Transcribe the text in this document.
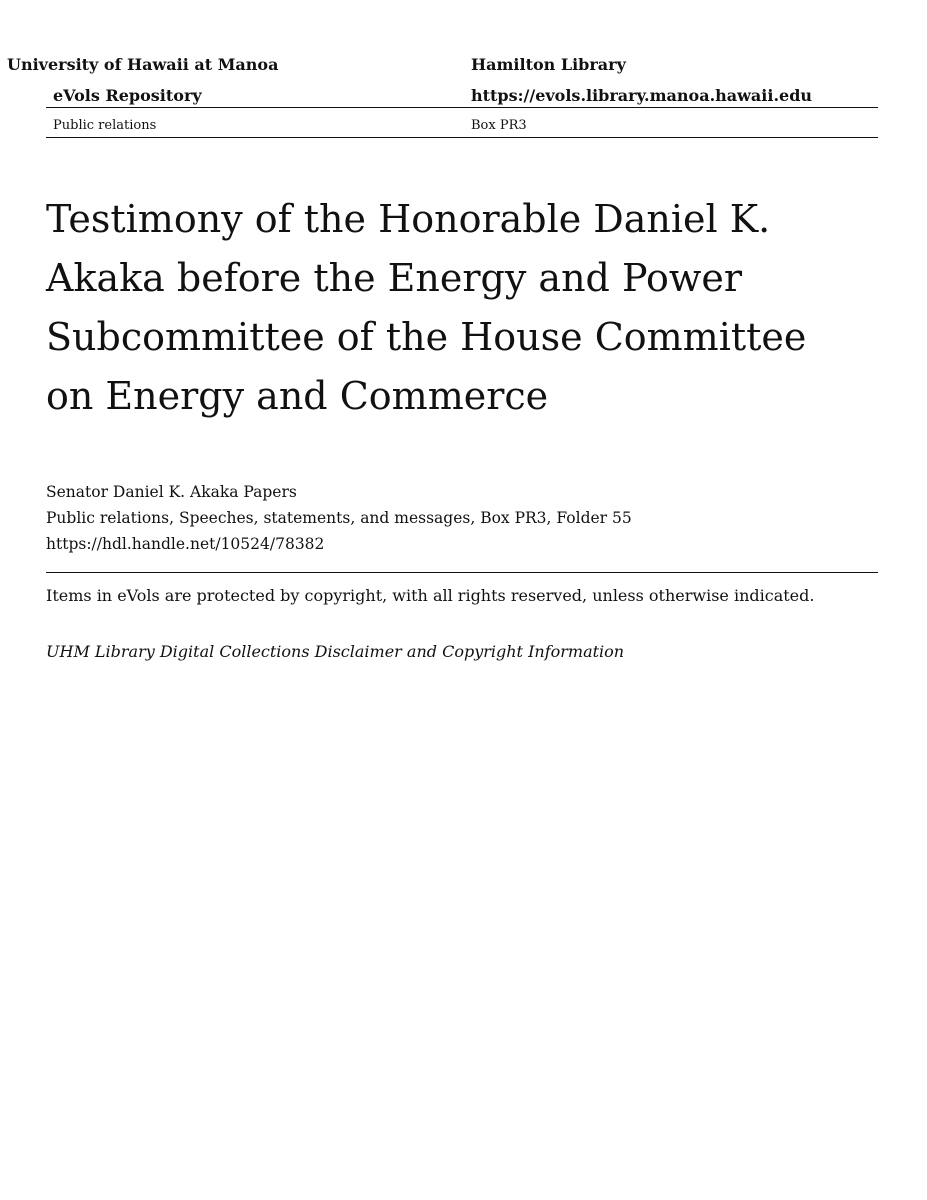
University of Hawaii at Manoa	Hamilton Library
eVols Repository	https://evols.library.manoa.hawaii.edu
Public relations	Box PR3
Testimony of the Honorable Daniel K. Akaka before the Energy and Power Subcommittee of the House Committee on Energy and Commerce
Senator Daniel K. Akaka Papers
Public relations, Speeches, statements, and messages, Box PR3, Folder 55
https://hdl.handle.net/10524/78382
Items in eVols are protected by copyright, with all rights reserved, unless otherwise indicated.
UHM Library Digital Collections Disclaimer and Copyright Information
